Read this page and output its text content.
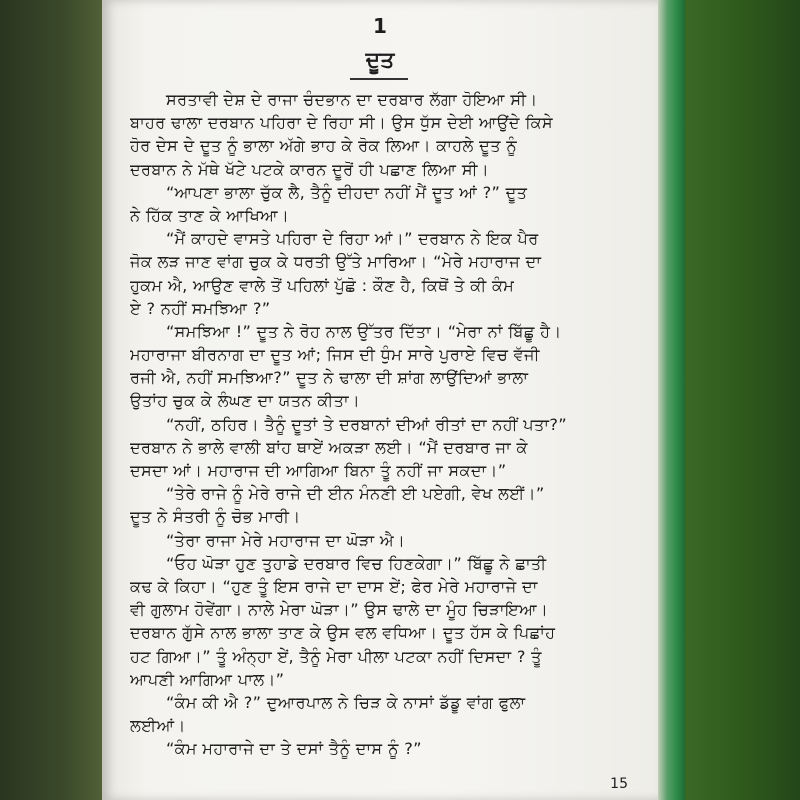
1
ਦੂਤ
ਸਰਤਾਵੀ ਦੇਸ਼ ਦੇ ਰਾਜਾ ਚੰਦਭਾਨ ਦਾ ਦਰਬਾਰ ਲੱਗਾ ਹੋਇਆ ਸੀ।
ਬਾਹਰ ਢਾਲਾ ਦਰਬਾਨ ਪਹਿਰਾ ਦੇ ਰਿਹਾ ਸੀ। ਉਸ ਧੁੱਸ ਦੇਈ ਆਉਂਦੇ ਕਿਸੇ
ਹੋਰ ਦੇਸ ਦੇ ਦੂਤ ਨੂੰ ਭਾਲਾ ਅੱਗੇ ਭਾਹ ਕੇ ਰੋਕ ਲਿਆ। ਕਾਹਲੇ ਦੂਤ ਨੂੰ
ਦਰਬਾਨ ਨੇ ਮੱਥੇ ਖੱਟੇ ਪਟਕੇ ਕਾਰਨ ਦੂਰੋਂ ਹੀ ਪਛਾਣ ਲਿਆ ਸੀ।
“ਆਪਣਾ ਭਾਲਾ ਚੁੱਕ ਲੈ, ਤੈਨੂੰ ਦੀਹਦਾ ਨਹੀਂ ਮੈਂ ਦੂਤ ਆਂ ?” ਦੂਤ
ਨੇ ਹਿੱਕ ਤਾਣ ਕੇ ਆਖਿਆ।
“ਮੈਂ ਕਾਹਦੇ ਵਾਸਤੇ ਪਹਿਰਾ ਦੇ ਰਿਹਾ ਆਂ।” ਦਰਬਾਨ ਨੇ ਇਕ ਪੈਰ
ਜੋਕ ਲੜ ਜਾਣ ਵਾਂਗ ਚੁਕ ਕੇ ਧਰਤੀ ਉੱਤੇ ਮਾਰਿਆ। “ਮੇਰੇ ਮਹਾਰਾਜ ਦਾ
ਹੁਕਮ ਐ, ਆਉਣ ਵਾਲੇ ਤੋਂ ਪਹਿਲਾਂ ਪੁੱਛੋ : ਕੌਣ ਹੈ, ਕਿਥੋਂ ਤੇ ਕੀ ਕੰਮ
ਏ ? ਨਹੀਂ ਸਮਝਿਆ ?”
“ਸਮਝਿਆ !” ਦੂਤ ਨੇ ਰੋਹ ਨਾਲ ਉੱਤਰ ਦਿੱਤਾ। “ਮੇਰਾ ਨਾਂ ਬਿੱਛੂ ਹੈ।
ਮਹਾਰਾਜਾ ਬੀਰਨਾਗ ਦਾ ਦੂਤ ਆਂ; ਜਿਸ ਦੀ ਧੁੰਮ ਸਾਰੇ ਪੁਰਾਏ ਵਿਚ ਵੱਜੀ
ਰਜੀ ਐ, ਨਹੀਂ ਸਮਝਿਆ?” ਦੂਤ ਨੇ ਢਾਲਾ ਦੀ ਸ਼ਾਂਗ ਲਾਉਂਦਿਆਂ ਭਾਲਾ
ਉਤਾਂਹ ਚੁਕ ਕੇ ਲੰਘਣ ਦਾ ਯਤਨ ਕੀਤਾ।
“ਨਹੀਂ, ਠਹਿਰ। ਤੈਨੂੰ ਦੂਤਾਂ ਤੇ ਦਰਬਾਨਾਂ ਦੀਆਂ ਰੀਤਾਂ ਦਾ ਨਹੀਂ ਪਤਾ?”
ਦਰਬਾਨ ਨੇ ਭਾਲੇ ਵਾਲੀ ਬਾਂਹ ਥਾਏਂ ਅਕੜਾ ਲਈ। “ਮੈਂ ਦਰਬਾਰ ਜਾ ਕੇ
ਦਸਦਾ ਆਂ। ਮਹਾਰਾਜ ਦੀ ਆਗਿਆ ਬਿਨਾ ਤੂੰ ਨਹੀਂ ਜਾ ਸਕਦਾ।”
“ਤੇਰੇ ਰਾਜੇ ਨੂੰ ਮੇਰੇ ਰਾਜੇ ਦੀ ਈਨ ਮੰਨਣੀ ਈ ਪਏਗੀ, ਵੇਖ ਲਈਂ।”
ਦੂਤ ਨੇ ਸੰਤਰੀ ਨੂੰ ਚੋਭ ਮਾਰੀ।
“ਤੇਰਾ ਰਾਜਾ ਮੇਰੇ ਮਹਾਰਾਜ ਦਾ ਘੋੜਾ ਐ।
“ਓਹ ਘੋੜਾ ਹੁਣ ਤੁਹਾਡੇ ਦਰਬਾਰ ਵਿਚ ਹਿਣਕੇਗਾ।” ਬਿੱਛੂ ਨੇ ਛਾਤੀ
ਕਢ ਕੇ ਕਿਹਾ। “ਹੁਣ ਤੂੰ ਇਸ ਰਾਜੇ ਦਾ ਦਾਸ ਏਂ; ਫੇਰ ਮੇਰੇ ਮਹਾਰਾਜੇ ਦਾ
ਵੀ ਗੁਲਾਮ ਹੋਵੇਂਗਾ। ਨਾਲੇ ਮੇਰਾ ਘੋੜਾ।” ਉਸ ਢਾਲੇ ਦਾ ਮੂੰਹ ਚਿੜਾਇਆ।
ਦਰਬਾਨ ਗੁੱਸੇ ਨਾਲ ਭਾਲਾ ਤਾਣ ਕੇ ਉਸ ਵਲ ਵਧਿਆ। ਦੂਤ ਹੱਸ ਕੇ ਪਿਛਾਂਹ
ਹਟ ਗਿਆ।” ਤੂੰ ਅੰਨ੍ਹਾ ਏਂ, ਤੈਨੂੰ ਮੇਰਾ ਪੀਲਾ ਪਟਕਾ ਨਹੀਂ ਦਿਸਦਾ ? ਤੂੰ
ਆਪਣੀ ਆਗਿਆ ਪਾਲ।”
“ਕੰਮ ਕੀ ਐ ?” ਦੁਆਰਪਾਲ ਨੇ ਚਿੜ ਕੇ ਨਾਸਾਂ ਡੱਡੂ ਵਾਂਗ ਫੁਲਾ
ਲਈਆਂ।
“ਕੰਮ ਮਹਾਰਾਜੇ ਦਾ ਤੇ ਦਸਾਂ ਤੈਨੂੰ ਦਾਸ ਨੂੰ ?”
15
